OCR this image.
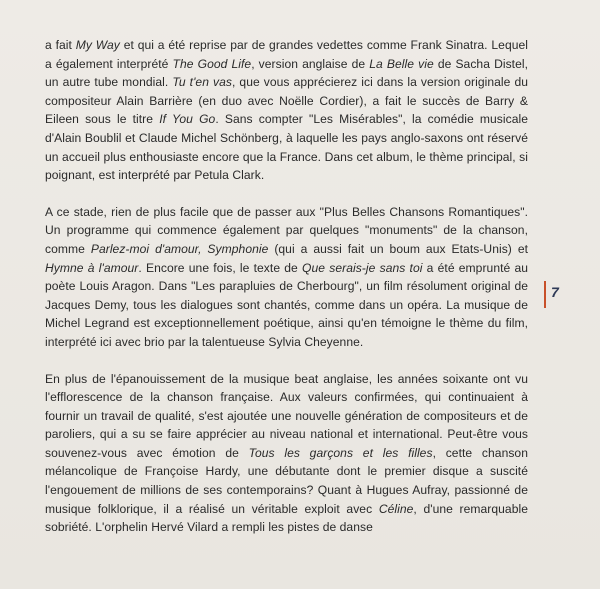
a fait My Way et qui a été reprise par de grandes vedettes comme Frank Sinatra. Lequel a également interprété The Good Life, version anglaise de La Belle vie de Sacha Distel, un autre tube mondial. Tu t'en vas, que vous apprécierez ici dans la version originale du compositeur Alain Barrière (en duo avec Noëlle Cordier), a fait le succès de Barry & Eileen sous le titre If You Go. Sans compter "Les Misérables", la comédie musicale d'Alain Boublil et Claude Michel Schönberg, à laquelle les pays anglo-saxons ont réservé un accueil plus enthousiaste encore que la France. Dans cet album, le thème principal, si poignant, est interprété par Petula Clark.

A ce stade, rien de plus facile que de passer aux "Plus Belles Chansons Romantiques". Un programme qui commence également par quelques "monuments" de la chanson, comme Parlez-moi d'amour, Symphonie (qui a aussi fait un boum aux Etats-Unis) et Hymne à l'amour. Encore une fois, le texte de Que serais-je sans toi a été emprunté au poète Louis Aragon. Dans "Les parapluies de Cherbourg", un film résolument original de Jacques Demy, tous les dialogues sont chantés, comme dans un opéra. La musique de Michel Legrand est exceptionnellement poétique, ainsi qu'en témoigne le thème du film, interprété ici avec brio par la talentueuse Sylvia Cheyenne.

En plus de l'épanouissement de la musique beat anglaise, les années soixante ont vu l'efflorescence de la chanson française. Aux valeurs confirmées, qui continuaient à fournir un travail de qualité, s'est ajoutée une nouvelle génération de compositeurs et de paroliers, qui a su se faire apprécier au niveau national et international. Peut-être vous souvenez-vous avec émotion de Tous les garçons et les filles, cette chanson mélancolique de Françoise Hardy, une débutante dont le premier disque a suscité l'engouement de millions de ses contemporains? Quant à Hugues Aufray, passionné de musique folklorique, il a réalisé un véritable exploit avec Céline, d'une remarquable sobriété. L'orphelin Hervé Vilard a rempli les pistes de danse

7
